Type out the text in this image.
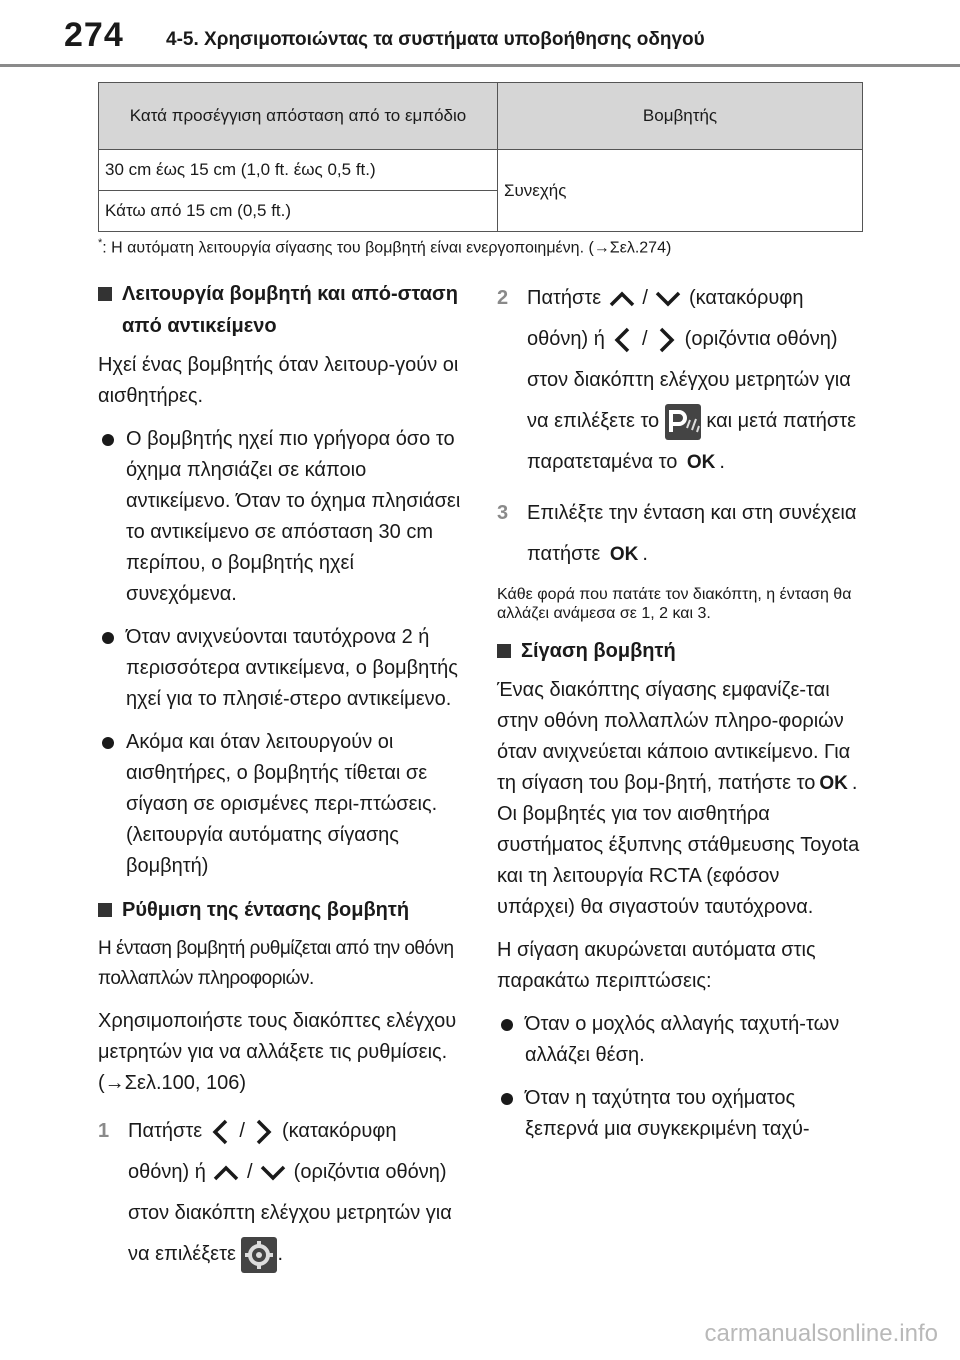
274 4-5. Χρησιμοποιώντας τα συστήματα υποβοήθησης οδηγού
Κατά προσέγγιση απόσταση από το εμπόδιο	Βομβητής
30 cm έως 15 cm (1,0 ft. έως 0,5 ft.)	Συνεχής
Κάτω από 15 cm (0,5 ft.)	
*: Η αυτόματη λειτουργία σίγασης του βομβητή είναι ενεργοποιημένη. (→Σελ.274)
Λειτουργία βομβητή και από-σταση από αντικείμενο
Ηχεί ένας βομβητής όταν λειτουρ-γούν οι αισθητήρες.
Ο βομβητής ηχεί πιο γρήγορα όσο το όχημα πλησιάζει σε κάποιο αντικείμενο. Όταν το όχημα πλησιάσει το αντικείμενο σε απόσταση 30 cm περίπου, ο βομβητής ηχεί συνεχόμενα.
Όταν ανιχνεύονται ταυτόχρονα 2 ή περισσότερα αντικείμενα, ο βομβητής ηχεί για το πλησιέ-στερο αντικείμενο.
Ακόμα και όταν λειτουργούν οι αισθητήρες, ο βομβητής τίθεται σε σίγαση σε ορισμένες περι-πτώσεις. (λειτουργία αυτόματης σίγασης βομβητή)
Ρύθμιση της έντασης βομβητή
Η ένταση βομβητή ρυθμίζεται από την οθόνη πολλαπλών πληροφοριών.
Χρησιμοποιήστε τους διακόπτες ελέγχου μετρητών για να αλλάξετε τις ρυθμίσεις. (→Σελ.100, 106)
1 Πατήστε / (κατακόρυφη οθόνη) ή / (οριζόντια οθόνη) στον διακόπτη ελέγχου μετρητών για να επιλέξετε .
2 Πατήστε / (κατακόρυφη οθόνη) ή / (οριζόντια οθόνη) στον διακόπτη ελέγχου μετρητών για να επιλέξετε το και μετά πατήστε παρατεταμένα το OK .
3 Επιλέξτε την ένταση και στη συνέχεια πατήστε OK .
Κάθε φορά που πατάτε τον διακόπτη, η ένταση θα αλλάζει ανάμεσα σε 1, 2 και 3.
Σίγαση βομβητή
Ένας διακόπτης σίγασης εμφανίζε-ται στην οθόνη πολλαπλών πληρο-φοριών όταν ανιχνεύεται κάποιο αντικείμενο. Για τη σίγαση του βομ-βητή, πατήστε το OK . Οι βομβητές για τον αισθητήρα συστήματος έξυπνης στάθμευσης Toyota και τη λειτουργία RCTA (εφόσον υπάρχει) θα σιγαστούν ταυτόχρονα.
Η σίγαση ακυρώνεται αυτόματα στις παρακάτω περιπτώσεις:
Όταν ο μοχλός αλλαγής ταχυτή-των αλλάζει θέση.
Όταν η ταχύτητα του οχήματος ξεπερνά μια συγκεκριμένη ταχύ-
carmanualsonline.info
